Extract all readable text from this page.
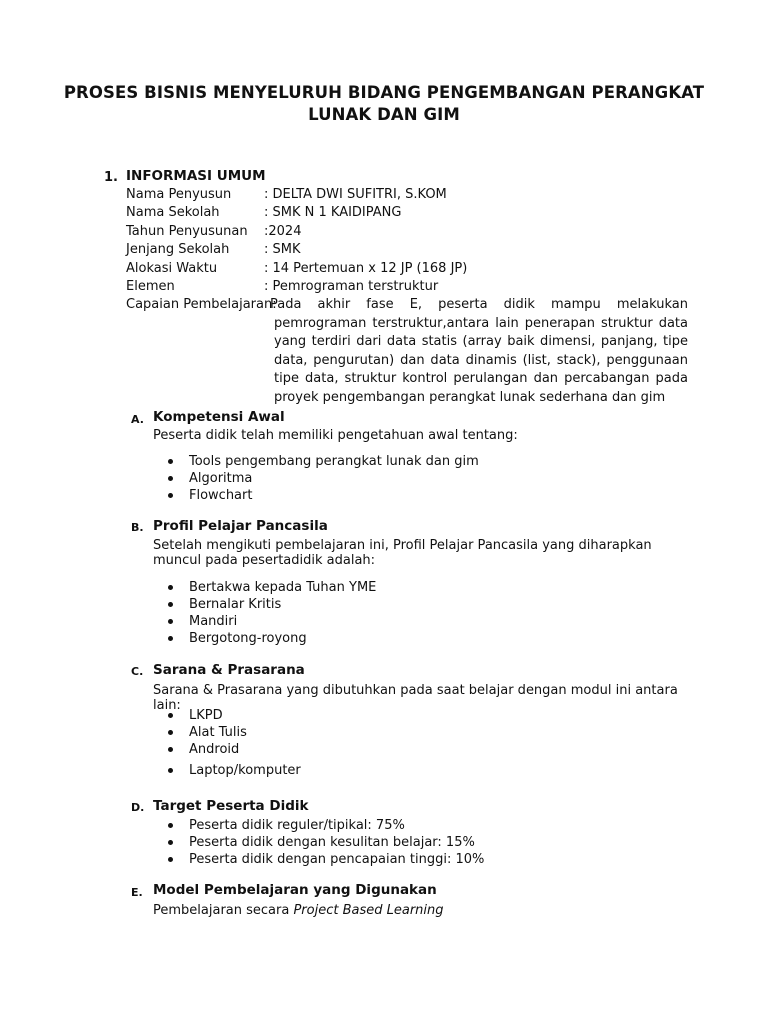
PROSES BISNIS MENYELURUH BIDANG PENGEMBANGAN PERANGKAT
LUNAK DAN GIM
1. INFORMASI UMUM
Nama Penyusun	: DELTA DWI SUFITRI, S.KOM
Nama Sekolah	: SMK N 1 KAIDIPANG
Tahun Penyusunan :2024
Jenjang Sekolah	: SMK
Alokasi Waktu	: 14 Pertemuan x 12 JP (168 JP)
Elemen	: Pemrograman terstruktur
Capaian Pembelajaran:
Pada akhir fase E, peserta didik mampu melakukan pemrograman terstruktur,antara lain penerapan struktur data yang terdiri dari data statis (array baik dimensi, panjang, tipe data, pengurutan) dan data dinamis (list, stack), penggunaan tipe data, struktur kontrol perulangan dan percabangan pada proyek pengembangan perangkat lunak sederhana dan gim
A. Kompetensi Awal
Peserta didik telah memiliki pengetahuan awal tentang:
Tools pengembang perangkat lunak dan gim
Algoritma
Flowchart
B. Profil Pelajar Pancasila
Setelah mengikuti pembelajaran ini, Profil Pelajar Pancasila yang diharapkan muncul pada pesertadidik adalah:
Bertakwa kepada Tuhan YME
Bernalar Kritis
Mandiri
Bergotong-royong
C. Sarana & Prasarana
Sarana & Prasarana yang dibutuhkan pada saat belajar dengan modul ini antara lain:
LKPD
Alat Tulis
Android
Laptop/komputer
D. Target Peserta Didik
Peserta didik reguler/tipikal: 75%
Peserta didik dengan kesulitan belajar: 15%
Peserta didik dengan pencapaian tinggi: 10%
E. Model Pembelajaran yang Digunakan
Pembelajaran secara Project Based Learning
